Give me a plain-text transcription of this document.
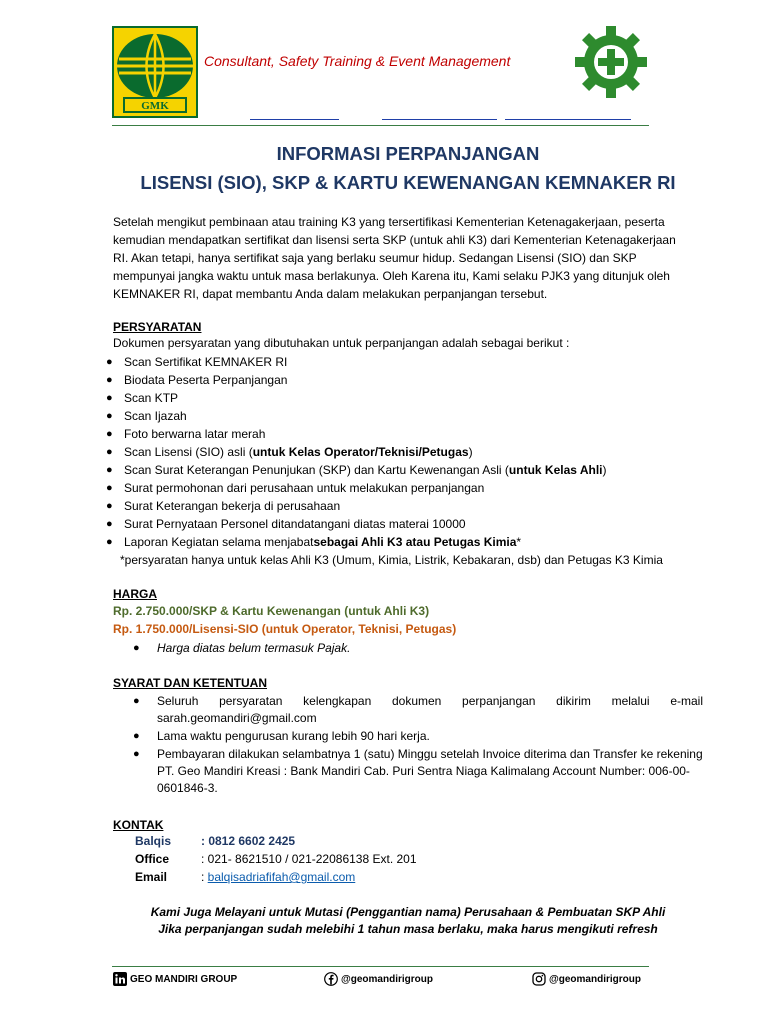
GMK
Consultant, Safety Training & Event Management
INFORMASI PERPANJANGAN
LISENSI (SIO), SKP & KARTU KEWENANGAN KEMNAKER RI

Setelah mengikut pembinaan atau training K3 yang tersertifikasi Kementerian Ketenagakerjaan, peserta

kemudian mendapatkan sertifikat dan lisensi serta SKP (untuk ahli K3) dari Kementerian Ketenagakerjaan

RI. Akan tetapi, hanya sertifikat saja yang berlaku seumur hidup. Sedangan Lisensi (SIO) dan SKP

mempunyai jangka waktu untuk masa berlakunya. Oleh Karena itu, Kami selaku PJK3 yang ditunjuk oleh

KEMNAKER RI, dapat membantu Anda dalam melakukan perpanjangan tersebut.

PERSYARATAN
Dokumen persyaratan yang dibutuhakan untuk perpanjangan adalah sebagai berikut :
● Scan Sertifikat KEMNAKER RI
● Biodata Peserta Perpanjangan
● Scan KTP
● Scan Ijazah
● Foto berwarna latar merah
● Scan Lisensi (SIO) asli ( untuk Kelas Operator/Teknisi/Petugas )
● Scan Surat Keterangan Penunjukan (SKP) dan Kartu Kewenangan Asli ( untuk Kelas Ahli )
● Surat permohonan dari perusahaan untuk melakukan perpanjangan
● Surat Keterangan bekerja di perusahaan
● Surat Pernyataan Personel ditandatangani diatas materai 10000
● Laporan Kegiatan selama menjabat sebagai Ahli K3 atau Petugas Kimia *
*persyaratan hanya untuk kelas Ahli K3 (Umum, Kimia, Listrik, Kebakaran, dsb) dan Petugas K3 Kimia
HARGA
Rp. 2.750.000/SKP & Kartu Kewenangan (untuk Ahli K3)
Rp. 1.750.000/Lisensi-SIO (untuk Operator, Teknisi, Petugas)
●	Harga diatas belum termasuk Pajak.
SYARAT DAN KETENTUAN
● Seluruh persyaratan kelengkapan dokumen perpanjangan dikirim melalui e-mail sarah.geomandiri@gmail.com
● Lama waktu pengurusan kurang lebih 90 hari kerja.
● Pembayaran dilakukan selambatnya 1 (satu) Minggu setelah Invoice diterima dan Transfer ke rekening PT. Geo Mandiri Kreasi : Bank Mandiri Cab. Puri Sentra Niaga Kalimalang Account Number: 006-00-0601846-3.
KONTAK
Balqis : 0812 6602 2425
Office	: 021- 8621510 / 021-22086138 Ext. 201
Email	: balqisadriafifah@gmail.com
Kami Juga Melayani untuk Mutasi (Penggantian nama) Perusahaan & Pembuatan SKP Ahli
Jika perpanjangan sudah melebihi 1 tahun masa berlaku, maka harus mengikuti refresh
GEO MANDIRI GROUP	@geomandirigroup	@geomandirigroup
